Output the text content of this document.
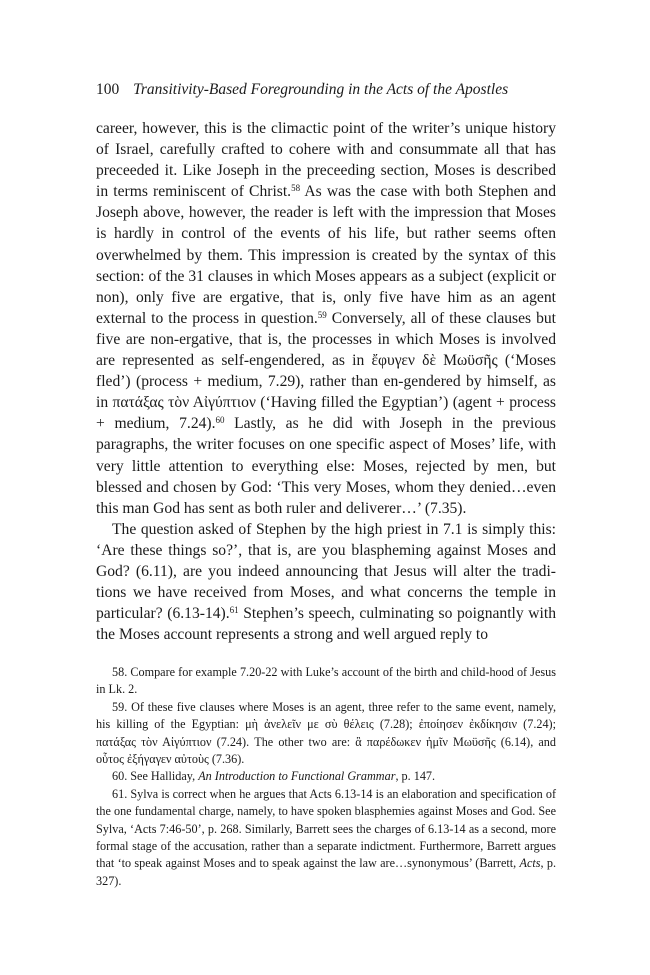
100 Transitivity-Based Foregrounding in the Acts of the Apostles

career, however, this is the climactic point of the writer’s unique history of Israel, carefully crafted to cohere with and consummate all that has preceeded it. Like Joseph in the preceeding section, Moses is described in terms reminiscent of Christ.$^{58}$ As was the case with both Stephen and Joseph above, however, the reader is left with the impression that Moses is hardly in control of the events of his life, but rather seems often overwhelmed by them. This impression is created by the syntax of this section: of the 31 clauses in which Moses appears as a subject (explicit or non), only five are ergative, that is, only five have him as an agent external to the process in question.$^{59}$ Conversely, all of these clauses but five are non-ergative, that is, the processes in which Moses is involved are represented as self-engendered, as in ἔφυγεν δὲ Μωϋσῆς (‘Moses fled’) (process + medium, 7.29), rather than en-gendered by himself, as in πατάξας τὸν Αἰγύπτιον (‘Having filled the Egyptian’) (agent + process + medium, 7.24).$^{60}$ Lastly, as he did with Joseph in the previous paragraphs, the writer focuses on one specific aspect of Moses’ life, with very little attention to everything else: Moses, rejected by men, but blessed and chosen by God: ‘This very Moses, whom they denied…even this man God has sent as both ruler and deliverer…’ (7.35).

The question asked of Stephen by the high priest in 7.1 is simply this: ‘Are these things so?’, that is, are you blaspheming against Moses and God? (6.11), are you indeed announcing that Jesus will alter the tradi-tions we have received from Moses, and what concerns the temple in particular? (6.13-14).$^{61}$ Stephen’s speech, culminating so poignantly with the Moses account represents a strong and well argued reply to

58. Compare for example 7.20-22 with Luke’s account of the birth and child-hood of Jesus in Lk. 2.

59. Of these five clauses where Moses is an agent, three refer to the same event, namely, his killing of the Egyptian: μὴ ἀνελεῖν με σὺ θέλεις (7.28); ἐποίησεν ἐκδίκησιν (7.24); πατάξας τὸν Αἰγύπτιον (7.24). The other two are: ἃ παρέδωκεν ἡμῖν Μωϋσῆς (6.14), and οὗτος ἐξήγαγεν αὐτοὺς (7.36).

60. See Halliday, An Introduction to Functional Grammar, p. 147.

61. Sylva is correct when he argues that Acts 6.13-14 is an elaboration and specification of the one fundamental charge, namely, to have spoken blasphemies against Moses and God. See Sylva, ‘Acts 7:46-50’, p. 268. Similarly, Barrett sees the charges of 6.13-14 as a second, more formal stage of the accusation, rather than a separate indictment. Furthermore, Barrett argues that ‘to speak against Moses and to speak against the law are…synonymous’ (Barrett, Acts, p. 327).
